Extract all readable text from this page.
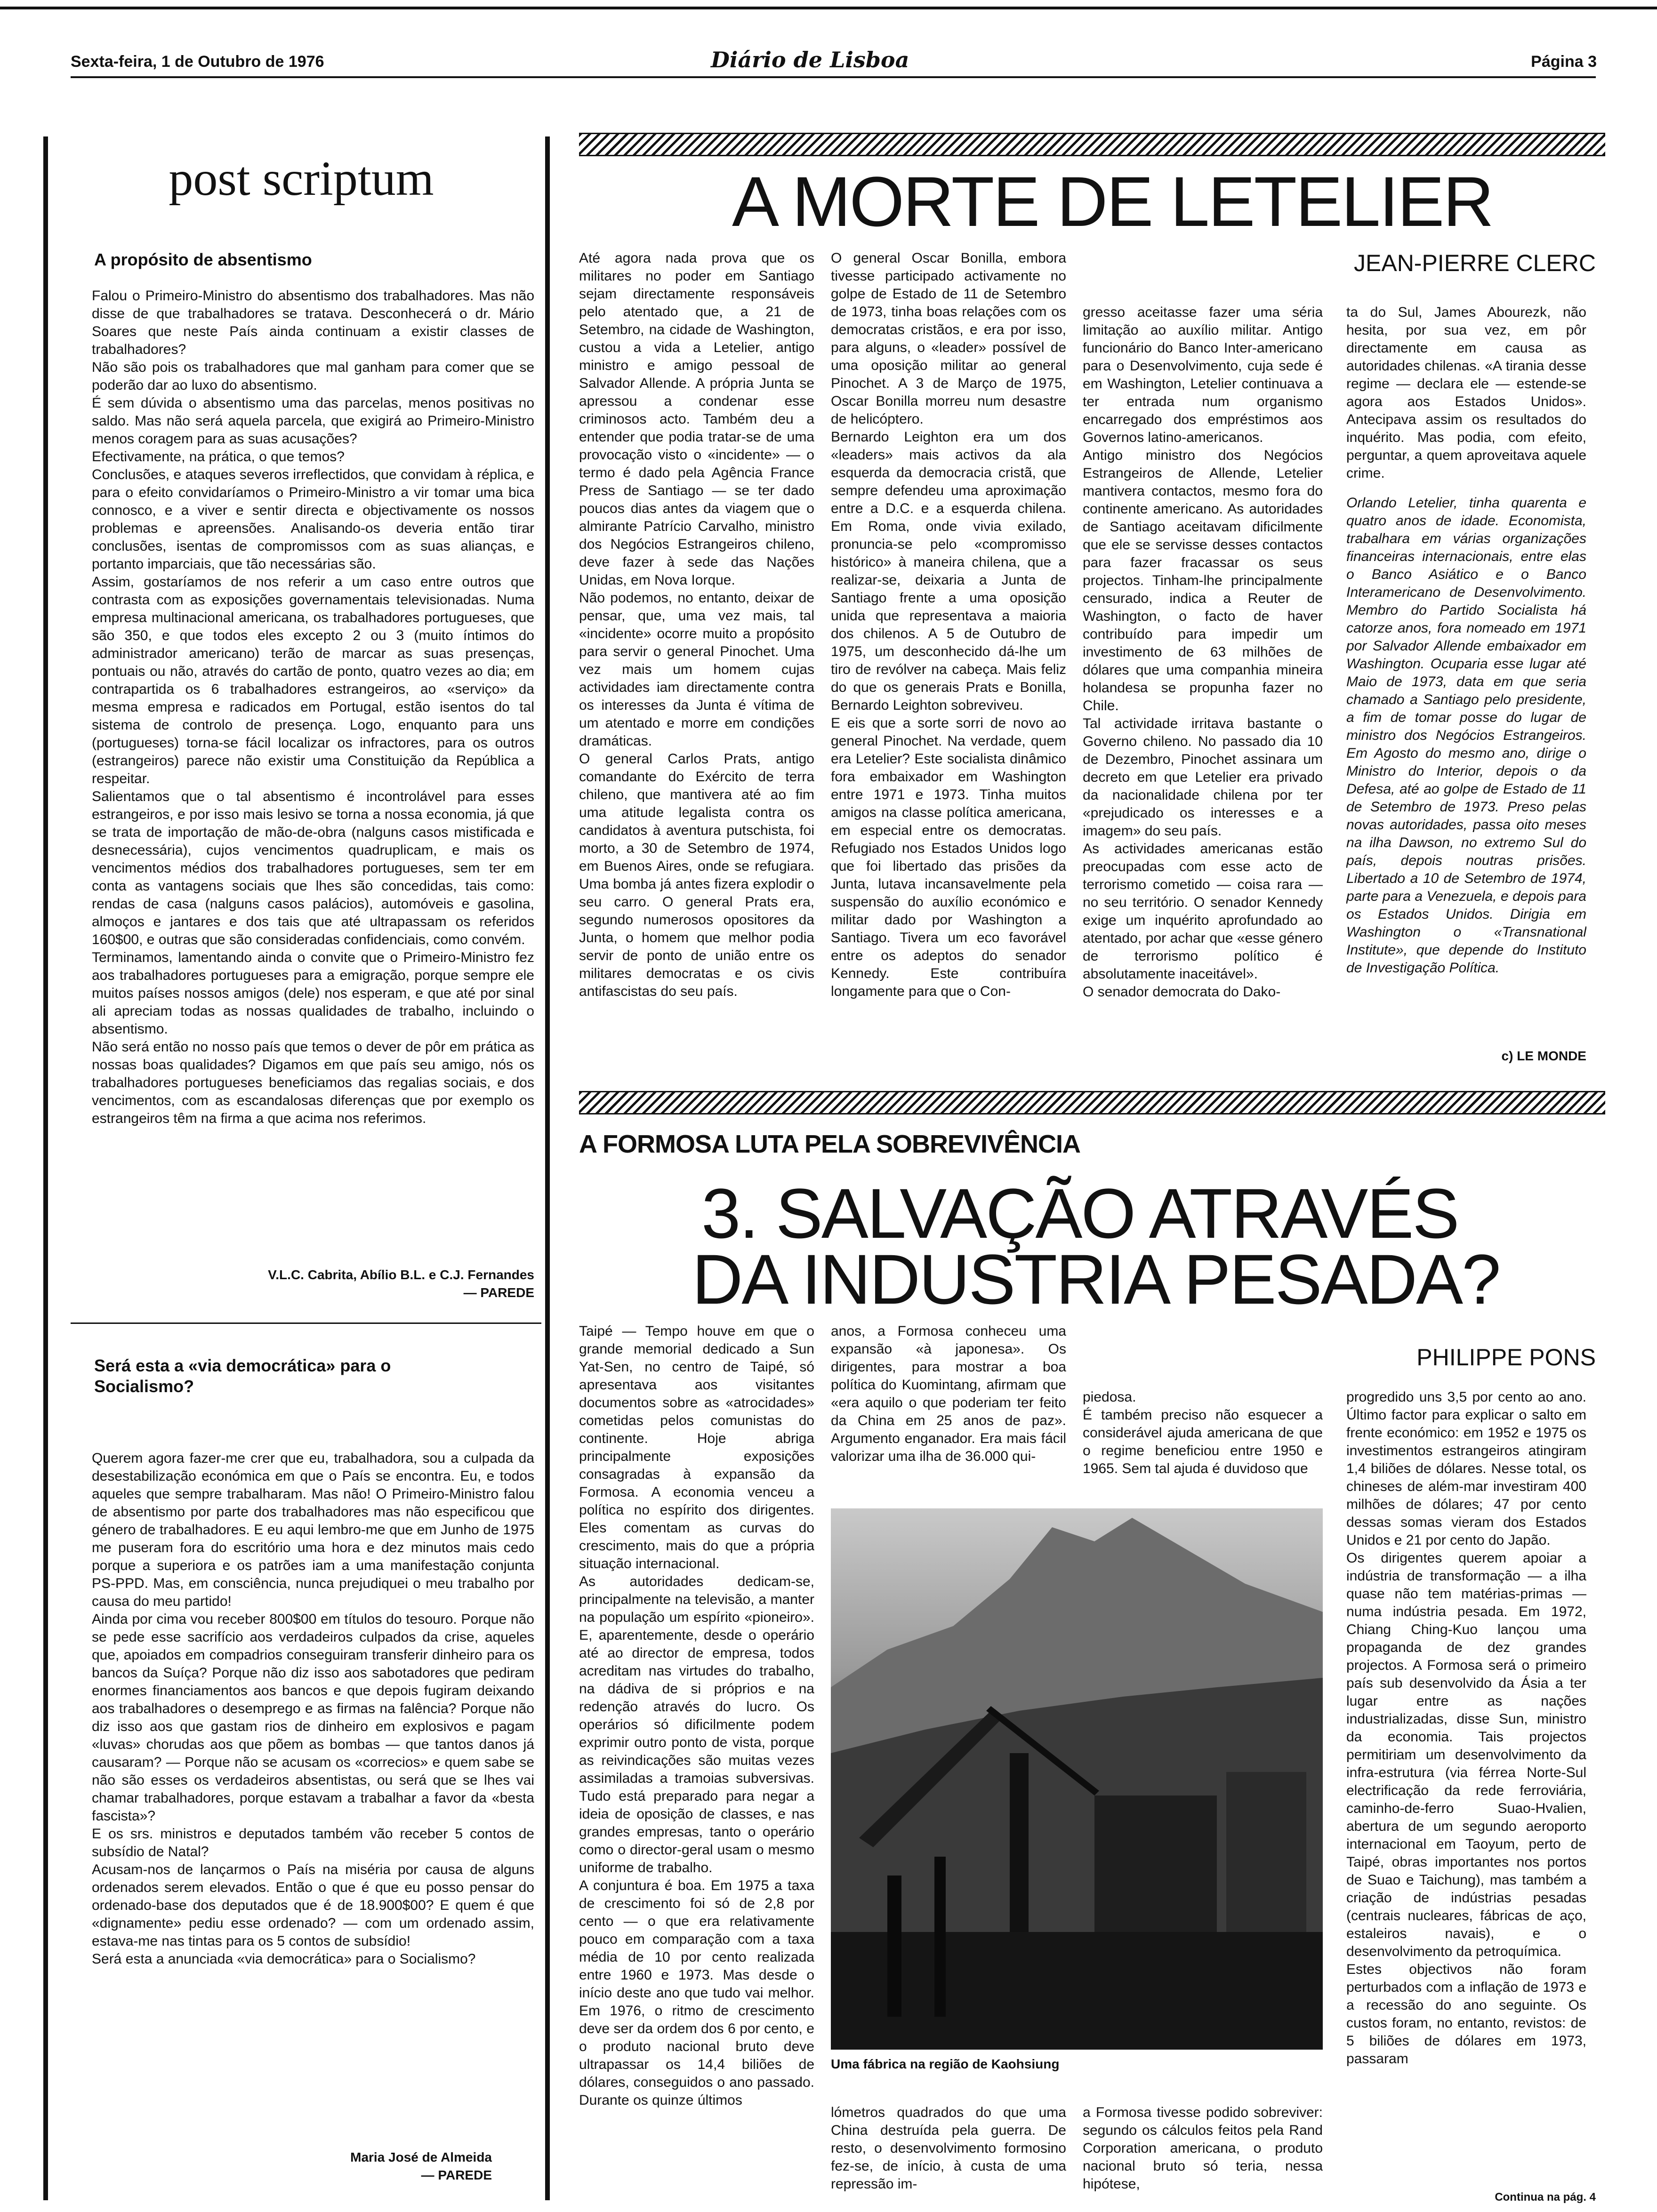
Sexta-feira, 1 de Outubro de 1976	Diário de Lisboa	Página 3
post scriptum
A propósito de absentismo
Falou o Primeiro-Ministro do absentismo dos trabalhadores. Mas não disse de que trabalhadores se tratava. Desconhecerá o dr. Mário Soares que neste País ainda continuam a existir classes de trabalhadores?
Não são pois os trabalhadores que mal ganham para comer que se poderão dar ao luxo do absentismo.
É sem dúvida o absentismo uma das parcelas, menos positivas no saldo. Mas não será aquela parcela, que exigirá ao Primeiro-Ministro menos coragem para as suas acusações?
Efectivamente, na prática, o que temos?
Conclusões, e ataques severos irreflectidos, que convidam à réplica, e para o efeito convidaríamos o Primeiro-Ministro a vir tomar uma bica connosco, e a viver e sentir directa e objectivamente os nossos problemas e apreensões. Analisando-os deveria então tirar conclusões, isentas de compromissos com as suas alianças, e portanto imparciais, que tão necessárias são.
Assim, gostaríamos de nos referir a um caso entre outros que contrasta com as exposições governamentais televisionadas. Numa empresa multinacional americana, os trabalhadores portugueses, que são 350, e que todos eles excepto 2 ou 3 (muito íntimos do administrador americano) terão de marcar as suas presenças, pontuais ou não, através do cartão de ponto, quatro vezes ao dia; em contrapartida os 6 trabalhadores estrangeiros, ao «serviço» da mesma empresa e radicados em Portugal, estão isentos do tal sistema de controlo de presença. Logo, enquanto para uns (portugueses) torna-se fácil localizar os infractores, para os outros (estrangeiros) parece não existir uma Constituição da República a respeitar.
Salientamos que o tal absentismo é incontrolável para esses estrangeiros, e por isso mais lesivo se torna a nossa economia, já que se trata de importação de mão-de-obra (nalguns casos mistificada e desnecessária), cujos vencimentos quadruplicam, e mais os vencimentos médios dos trabalhadores portugueses, sem ter em conta as vantagens sociais que lhes são concedidas, tais como: rendas de casa (nalguns casos palácios), automóveis e gasolina, almoços e jantares e dos tais que até ultrapassam os referidos 160$00, e outras que são consideradas confidenciais, como convém.
Terminamos, lamentando ainda o convite que o Primeiro-Ministro fez aos trabalhadores portugueses para a emigração, porque sempre ele muitos países nossos amigos (dele) nos esperam, e que até por sinal ali apreciam todas as nossas qualidades de trabalho, incluindo o absentismo.
Não será então no nosso país que temos o dever de pôr em prática as nossas boas qualidades? Digamos em que país seu amigo, nós os trabalhadores portugueses beneficiamos das regalias sociais, e dos vencimentos, com as escandalosas diferenças que por exemplo os estrangeiros têm na firma a que acima nos referimos.
V.L.C. Cabrita, Abílio B.L. e C.J. Fernandes
— PAREDE
Será esta a «via democrática» para o Socialismo?
Querem agora fazer-me crer que eu, trabalhadora, sou a culpada da desestabilização económica em que o País se encontra. Eu, e todos aqueles que sempre trabalharam. Mas não! O Primeiro-Ministro falou de absentismo por parte dos trabalhadores mas não especificou que género de trabalhadores. E eu aqui lembro-me que em Junho de 1975 me puseram fora do escritório uma hora e dez minutos mais cedo porque a superiora e os patrões iam a uma manifestação conjunta PS-PPD. Mas, em consciência, nunca prejudiquei o meu trabalho por causa do meu partido!
Ainda por cima vou receber 800$00 em títulos do tesouro. Porque não se pede esse sacrifício aos verdadeiros culpados da crise, aqueles que, apoiados em compadrios conseguiram transferir dinheiro para os bancos da Suíça? Porque não diz isso aos sabotadores que pediram enormes financiamentos aos bancos e que depois fugiram deixando aos trabalhadores o desemprego e as firmas na falência? Porque não diz isso aos que gastam rios de dinheiro em explosivos e pagam «luvas» chorudas aos que põem as bombas — que tantos danos já causaram? — Porque não se acusam os «correcios» e quem sabe se não são esses os verdadeiros absentistas, ou será que se lhes vai chamar trabalhadores, porque estavam a trabalhar a favor da «besta fascista»?
E os srs. ministros e deputados também vão receber 5 contos de subsídio de Natal?
Acusam-nos de lançarmos o País na miséria por causa de alguns ordenados serem elevados. Então o que é que eu posso pensar do ordenado-base dos deputados que é de 18.900$00? E quem é que «dignamente» pediu esse ordenado? — com um ordenado assim, estava-me nas tintas para os 5 contos de subsídio!
Será esta a anunciada «via democrática» para o Socialismo?
Maria José de Almeida
— PAREDE
A MORTE DE LETELIER
JEAN-PIERRE CLERC
Até agora nada prova que os militares no poder em Santiago sejam directamente responsáveis pelo atentado que, a 21 de Setembro, na cidade de Washington, custou a vida a Letelier, antigo ministro e amigo pessoal de Salvador Allende. A própria Junta se apressou a condenar esse criminosos acto. Também deu a entender que podia tratar-se de uma provocação visto o «incidente» — o termo é dado pela Agência France Press de Santiago — se ter dado poucos dias antes da viagem que o almirante Patrício Carvalho, ministro dos Negócios Estrangeiros chileno, deve fazer à sede das Nações Unidas, em Nova Iorque.
Não podemos, no entanto, deixar de pensar, que, uma vez mais, tal «incidente» ocorre muito a propósito para servir o general Pinochet. Uma vez mais um homem cujas actividades iam directamente contra os interesses da Junta é vítima de um atentado e morre em condições dramáticas.
O general Carlos Prats, antigo comandante do Exército de terra chileno, que mantivera até ao fim uma atitude legalista contra os candidatos à aventura putschista, foi morto, a 30 de Setembro de 1974, em Buenos Aires, onde se refugiara. Uma bomba já antes fizera explodir o seu carro. O general Prats era, segundo numerosos opositores da Junta, o homem que melhor podia servir de ponto de união entre os militares democratas e os civis antifascistas do seu país.
O general Oscar Bonilla, embora tivesse participado activamente no golpe de Estado de 11 de Setembro de 1973, tinha boas relações com os democratas cristãos, e era por isso, para alguns, o «leader» possível de uma oposição militar ao general Pinochet. A 3 de Março de 1975, Oscar Bonilla morreu num desastre de helicóptero.
Bernardo Leighton era um dos «leaders» mais activos da ala esquerda da democracia cristã, que sempre defendeu uma aproximação entre a D.C. e a esquerda chilena. Em Roma, onde vivia exilado, pronuncia-se pelo «compromisso histórico» à maneira chilena, que a realizar-se, deixaria a Junta de Santiago frente a uma oposição unida que representava a maioria dos chilenos. A 5 de Outubro de 1975, um desconhecido dá-lhe um tiro de revólver na cabeça. Mais feliz do que os generais Prats e Bonilla, Bernardo Leighton sobreviveu.
E eis que a sorte sorri de novo ao general Pinochet. Na verdade, quem era Letelier? Este socialista dinâmico fora embaixador em Washington entre 1971 e 1973. Tinha muitos amigos na classe política americana, em especial entre os democratas. Refugiado nos Estados Unidos logo que foi libertado das prisões da Junta, lutava incansavelmente pela suspensão do auxílio económico e militar dado por Washington a Santiago. Tivera um eco favorável entre os adeptos do senador Kennedy. Este contribuíra longamente para que o Con-
gresso aceitasse fazer uma séria limitação ao auxílio militar. Antigo funcionário do Banco Inter-americano para o Desenvolvimento, cuja sede é em Washington, Letelier continuava a ter entrada num organismo encarregado dos empréstimos aos Governos latino-americanos.
Antigo ministro dos Negócios Estrangeiros de Allende, Letelier mantivera contactos, mesmo fora do continente americano. As autoridades de Santiago aceitavam dificilmente que ele se servisse desses contactos para fazer fracassar os seus projectos. Tinham-lhe principalmente censurado, indica a Reuter de Washington, o facto de haver contribuído para impedir um investimento de 63 milhões de dólares que uma companhia mineira holandesa se propunha fazer no Chile.
Tal actividade irritava bastante o Governo chileno. No passado dia 10 de Dezembro, Pinochet assinara um decreto em que Letelier era privado da nacionalidade chilena por ter «prejudicado os interesses e a imagem» do seu país.
As actividades americanas estão preocupadas com esse acto de terrorismo cometido — coisa rara — no seu território. O senador Kennedy exige um inquérito aprofundado ao atentado, por achar que «esse género de terrorismo político é absolutamente inaceitável».
O senador democrata do Dako-
ta do Sul, James Abourezk, não hesita, por sua vez, em pôr directamente em causa as autoridades chilenas. «A tirania desse regime — declara ele — estende-se agora aos Estados Unidos». Antecipava assim os resultados do inquérito. Mas podia, com efeito, perguntar, a quem aproveitava aquele crime.
Orlando Letelier, tinha quarenta e quatro anos de idade. Economista, trabalhara em várias organizações financeiras internacionais, entre elas o Banco Asiático e o Banco Interamericano de Desenvolvimento. Membro do Partido Socialista há catorze anos, fora nomeado em 1971 por Salvador Allende embaixador em Washington. Ocuparia esse lugar até Maio de 1973, data em que seria chamado a Santiago pelo presidente, a fim de tomar posse do lugar de ministro dos Negócios Estrangeiros. Em Agosto do mesmo ano, dirige o Ministro do Interior, depois o da Defesa, até ao golpe de Estado de 11 de Setembro de 1973. Preso pelas novas autoridades, passa oito meses na ilha Dawson, no extremo Sul do país, depois noutras prisões. Libertado a 10 de Setembro de 1974, parte para a Venezuela, e depois para os Estados Unidos. Dirigia em Washington o «Transnational Institute», que depende do Instituto de Investigação Política.
c) LE MONDE
A FORMOSA LUTA PELA SOBREVIVÊNCIA
3. SALVAÇÃO ATRAVÉS
DA INDUSTRIA PESADA?
PHILIPPE PONS
Taipé — Tempo houve em que o grande memorial dedicado a Sun Yat-Sen, no centro de Taipé, só apresentava aos visitantes documentos sobre as «atrocidades» cometidas pelos comunistas do continente. Hoje abriga principalmente exposições consagradas à expansão da Formosa. A economia venceu a política no espírito dos dirigentes. Eles comentam as curvas do crescimento, mais do que a própria situação internacional.
As autoridades dedicam-se, principalmente na televisão, a manter na população um espírito «pioneiro». E, aparentemente, desde o operário até ao director de empresa, todos acreditam nas virtudes do trabalho, na dádiva de si próprios e na redenção através do lucro. Os operários só dificilmente podem exprimir outro ponto de vista, porque as reivindicações são muitas vezes assimiladas a tramoias subversivas. Tudo está preparado para negar a ideia de oposição de classes, e nas grandes empresas, tanto o operário como o director-geral usam o mesmo uniforme de trabalho.
A conjuntura é boa. Em 1975 a taxa de crescimento foi só de 2,8 por cento — o que era relativamente pouco em comparação com a taxa média de 10 por cento realizada entre 1960 e 1973. Mas desde o início deste ano que tudo vai melhor. Em 1976, o ritmo de crescimento deve ser da ordem dos 6 por cento, e o produto nacional bruto deve ultrapassar os 14,4 biliões de dólares, conseguidos o ano passado. Durante os quinze últimos
anos, a Formosa conheceu uma expansão «à japonesa». Os dirigentes, para mostrar a boa política do Kuomintang, afirmam que «era aquilo o que poderiam ter feito da China em 25 anos de paz». Argumento enganador. Era mais fácil valorizar uma ilha de 36.000 qui-
piedosa.
É também preciso não esquecer a considerável ajuda americana de que o regime beneficiou entre 1950 e 1965. Sem tal ajuda é duvidoso que
Uma fábrica na região de Kaohsiung
lómetros quadrados do que uma China destruída pela guerra. De resto, o desenvolvimento formosino fez-se, de início, à custa de uma repressão im-
a Formosa tivesse podido sobreviver: segundo os cálculos feitos pela Rand Corporation americana, o produto nacional bruto só teria, nessa hipótese,
progredido uns 3,5 por cento ao ano. Último factor para explicar o salto em frente económico: em 1952 e 1975 os investimentos estrangeiros atingiram 1,4 biliões de dólares. Nesse total, os chineses de além-mar investiram 400 milhões de dólares; 47 por cento dessas somas vieram dos Estados Unidos e 21 por cento do Japão.
Os dirigentes querem apoiar a indústria de transformação — a ilha quase não tem matérias-primas — numa indústria pesada. Em 1972, Chiang Ching-Kuo lançou uma propaganda de dez grandes projectos. A Formosa será o primeiro país sub desenvolvido da Ásia a ter lugar entre as nações industrializadas, disse Sun, ministro da economia. Tais projectos permitiriam um desenvolvimento da infra-estrutura (via férrea Norte-Sul electrificação da rede ferroviária, caminho-de-ferro Suao-Hvalien, abertura de um segundo aeroporto internacional em Taoyum, perto de Taipé, obras importantes nos portos de Suao e Taichung), mas também a criação de indústrias pesadas (centrais nucleares, fábricas de aço, estaleiros navais), e o desenvolvimento da petroquímica.
Estes objectivos não foram perturbados com a inflação de 1973 e a recessão do ano seguinte. Os custos foram, no entanto, revistos: de 5 biliões de dólares em 1973, passaram
Continua na pág. 4
